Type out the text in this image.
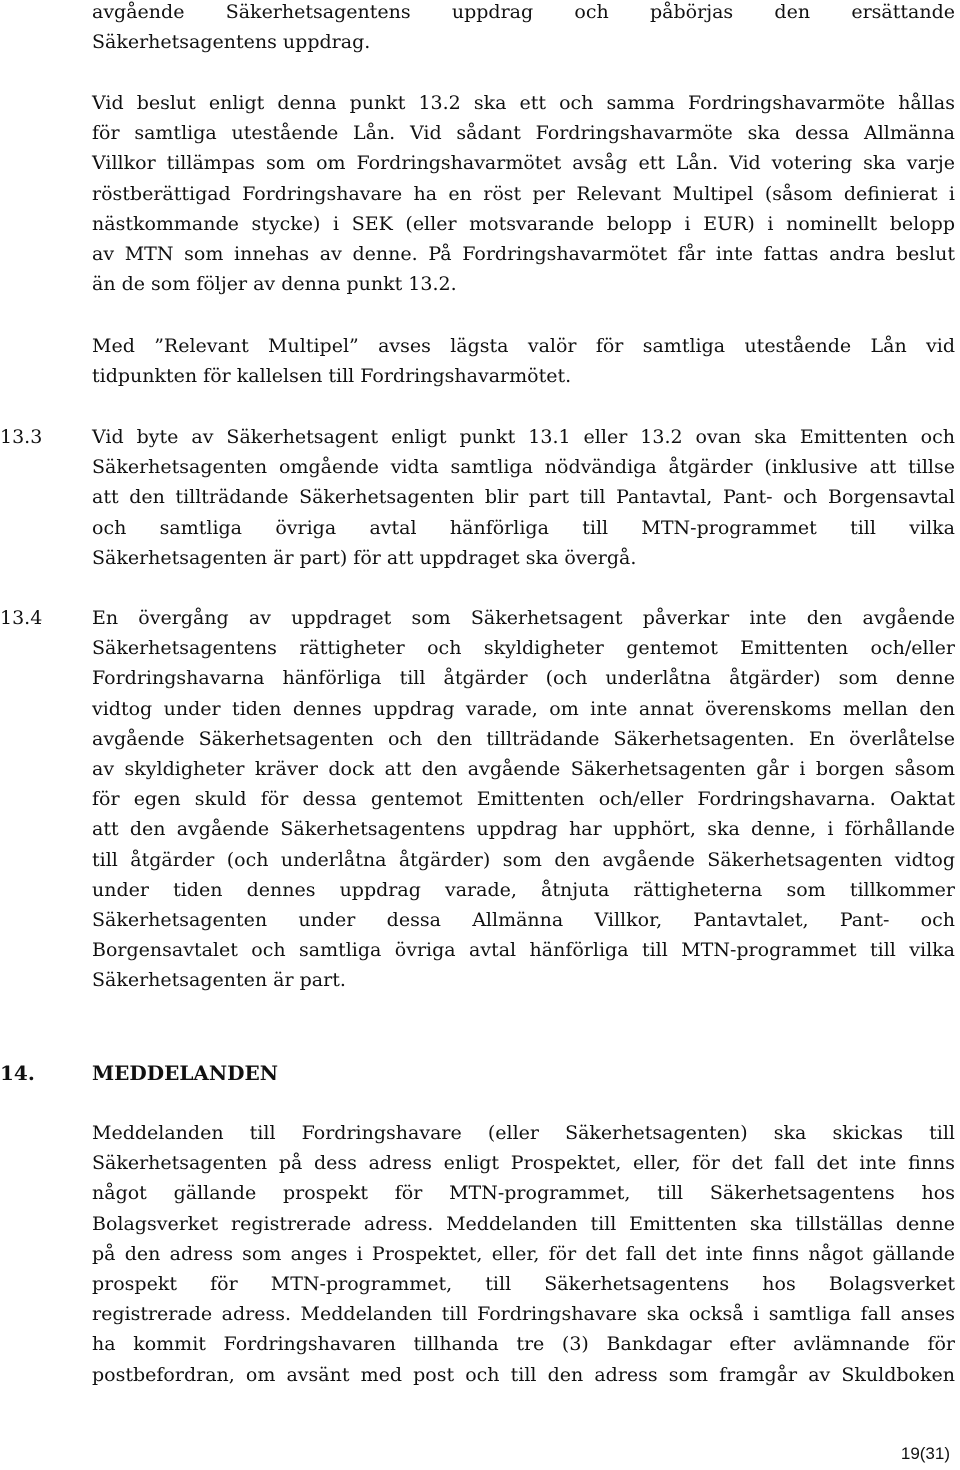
avgående Säkerhetsagentens uppdrag och påbörjas den ersättande
Säkerhetsagentens uppdrag.
Vid beslut enligt denna punkt 13.2 ska ett och samma Fordringshavarmöte hållas
för samtliga utestående Lån. Vid sådant Fordringshavarmöte ska dessa Allmänna
Villkor tillämpas som om Fordringshavarmötet avsåg ett Lån. Vid votering ska varje
röstberättigad Fordringshavare ha en röst per Relevant Multipel (såsom definierat i
nästkommande stycke) i SEK (eller motsvarande belopp i EUR) i nominellt belopp
av MTN som innehas av denne. På Fordringshavarmötet får inte fattas andra beslut
än de som följer av denna punkt 13.2.
Med ”Relevant Multipel” avses lägsta valör för samtliga utestående Lån vid
tidpunkten för kallelsen till Fordringshavarmötet.
13.3	Vid byte av Säkerhetsagent enligt punkt 13.1 eller 13.2 ovan ska Emittenten och
Säkerhetsagenten omgående vidta samtliga nödvändiga åtgärder (inklusive att tillse
att den tillträdande Säkerhetsagenten blir part till Pantavtal, Pant- och Borgensavtal
och samtliga övriga avtal hänförliga till MTN-programmet till vilka
Säkerhetsagenten är part) för att uppdraget ska övergå.
13.4	En övergång av uppdraget som Säkerhetsagent påverkar inte den avgående
Säkerhetsagentens rättigheter och skyldigheter gentemot Emittenten och/eller
Fordringshavarna hänförliga till åtgärder (och underlåtna åtgärder) som denne
vidtog under tiden dennes uppdrag varade, om inte annat överenskoms mellan den
avgående Säkerhetsagenten och den tillträdande Säkerhetsagenten. En överlåtelse
av skyldigheter kräver dock att den avgående Säkerhetsagenten går i borgen såsom
för egen skuld för dessa gentemot Emittenten och/eller Fordringshavarna. Oaktat
att den avgående Säkerhetsagentens uppdrag har upphört, ska denne, i förhållande
till åtgärder (och underlåtna åtgärder) som den avgående Säkerhetsagenten vidtog
under tiden dennes uppdrag varade, åtnjuta rättigheterna som tillkommer
Säkerhetsagenten under dessa Allmänna Villkor, Pantavtalet, Pant- och
Borgensavtalet och samtliga övriga avtal hänförliga till MTN-programmet till vilka
Säkerhetsagenten är part.
14.	MEDDELANDEN
Meddelanden till Fordringshavare (eller Säkerhetsagenten) ska skickas till
Säkerhetsagenten på dess adress enligt Prospektet, eller, för det fall det inte finns
något gällande prospekt för MTN-programmet, till Säkerhetsagentens hos
Bolagsverket registrerade adress. Meddelanden till Emittenten ska tillställas denne
på den adress som anges i Prospektet, eller, för det fall det inte finns något gällande
prospekt för MTN-programmet, till Säkerhetsagentens hos Bolagsverket
registrerade adress. Meddelanden till Fordringshavare ska också i samtliga fall anses
ha kommit Fordringshavaren tillhanda tre (3) Bankdagar efter avlämnande för
postbefordran, om avsänt med post och till den adress som framgår av Skuldboken
19(31)
